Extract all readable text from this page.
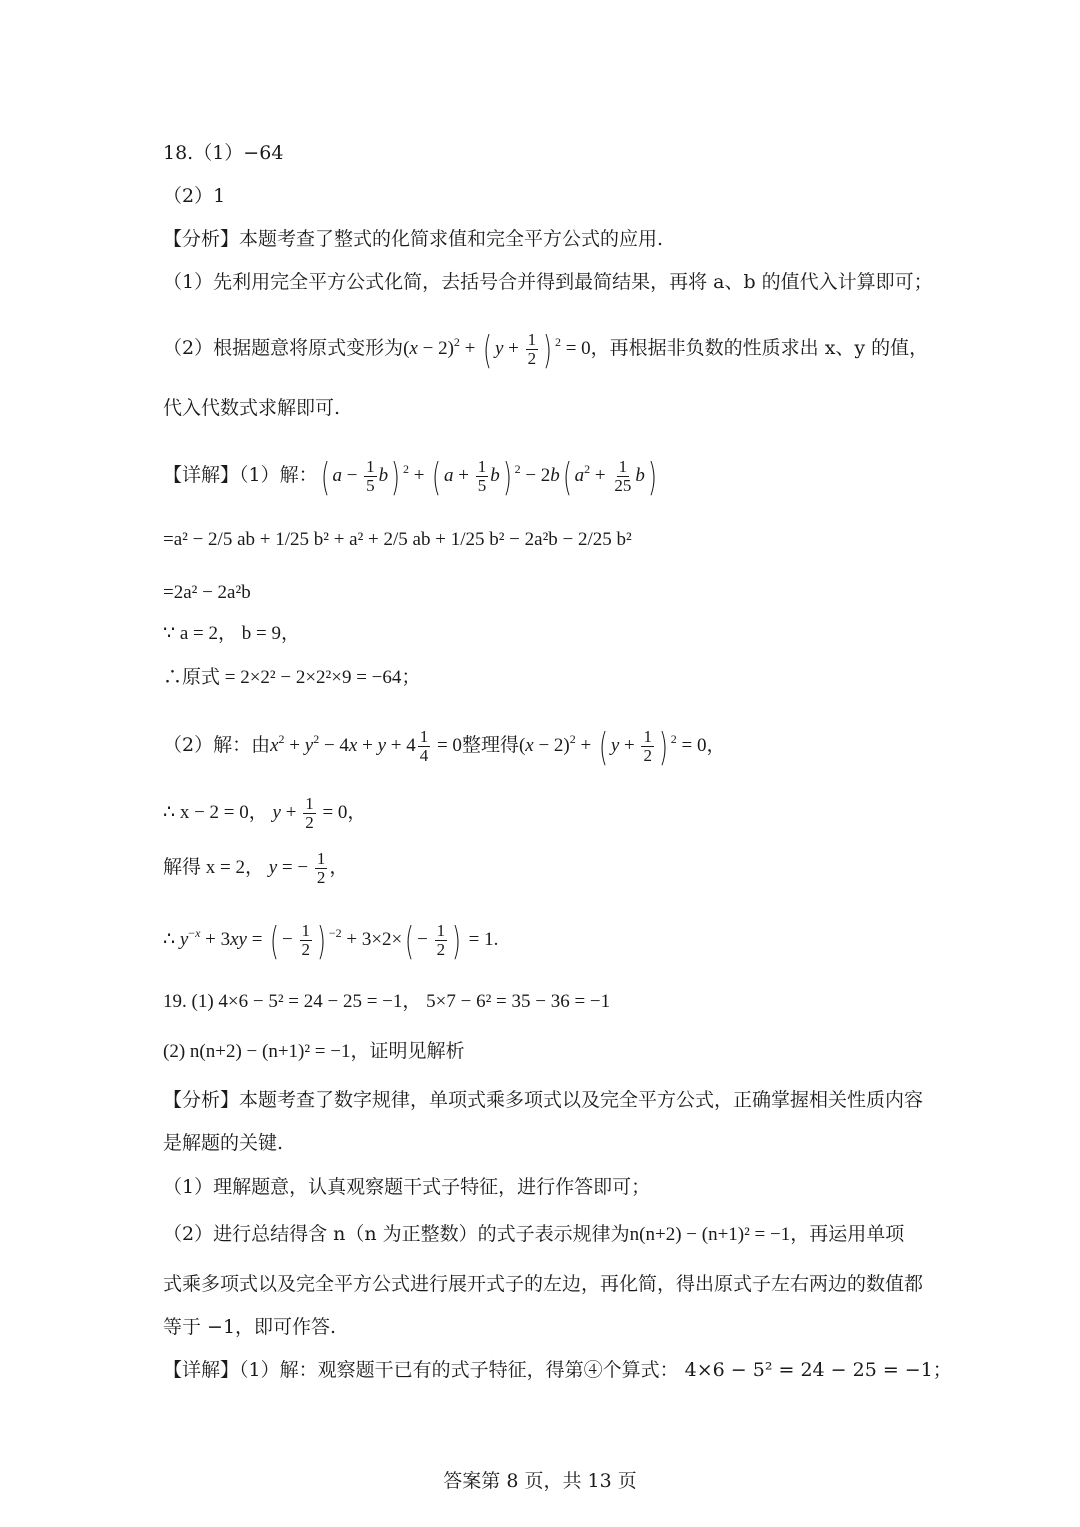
18.（1）−64
（2）1
【分析】本题考查了整式的化简求值和完全平方公式的应用.
（1）先利用完全平方公式化简，去括号合并得到最简结果，再将 a、b 的值代入计算即可；
（2）根据题意将原式变形为$(x - 2)^2$ + ( $y + \frac{1}{2}$ ) $^2$ = 0，再根据非负数的性质求出 x、y 的值，
代入代数式求解即可.
【详解】（1）解：( $a - \frac{1}{5} b$) $^2$ + ( $a + \frac{1}{5} b$) $^2$ − 2b( $a^2 + \frac{1}{25} b$)
=a² − 2/5 ab + 1/25 b² + a² + 2/5 ab + 1/25 b² − 2a²b − 2/25 b²
=2a² − 2a²b
∵ a = 2， b = 9，
∴原式 = 2×2² − 2×2²×9 = −64；
（2）解：由$x^2 + y^2 - 4x + y + 4 \frac{1}{4} = 0$整理得$(x - 2)^2$ + ( $y + \frac{1}{2}$ ) $^2$ = 0，
∴ x − 2 = 0， $y + \frac{1}{2} = 0$，
解得 x = 2， y = − $\frac{1}{2}$ ，
∴ $y^{-x} + 3xy$ = ( − $\frac{1}{2}$ ) $^{-2} + 3\times 2\times( - \frac{1}{2}$ ) = 1.
19. (1) 4×6 − 5² = 24 − 25 = −1， 5×7 − 6² = 35 − 36 = −1
(2) n(n+2) − (n+1)² = −1，证明见解析
【分析】本题考查了数字规律，单项式乘多项式以及完全平方公式，正确掌握相关性质内容
是解题的关键.
（1）理解题意，认真观察题干式子特征，进行作答即可；
（2）进行总结得含 n（n 为正整数）的式子表示规律为n(n+2) − (n+1)² = −1，再运用单项
式乘多项式以及完全平方公式进行展开式子的左边，再化简，得出原式子左右两边的数值都
等于 −1，即可作答.
【详解】（1）解：观察题干已有的式子特征，得第④个算式： 4×6 − 5² = 24 − 25 = −1；
答案第 8 页，共 13 页
